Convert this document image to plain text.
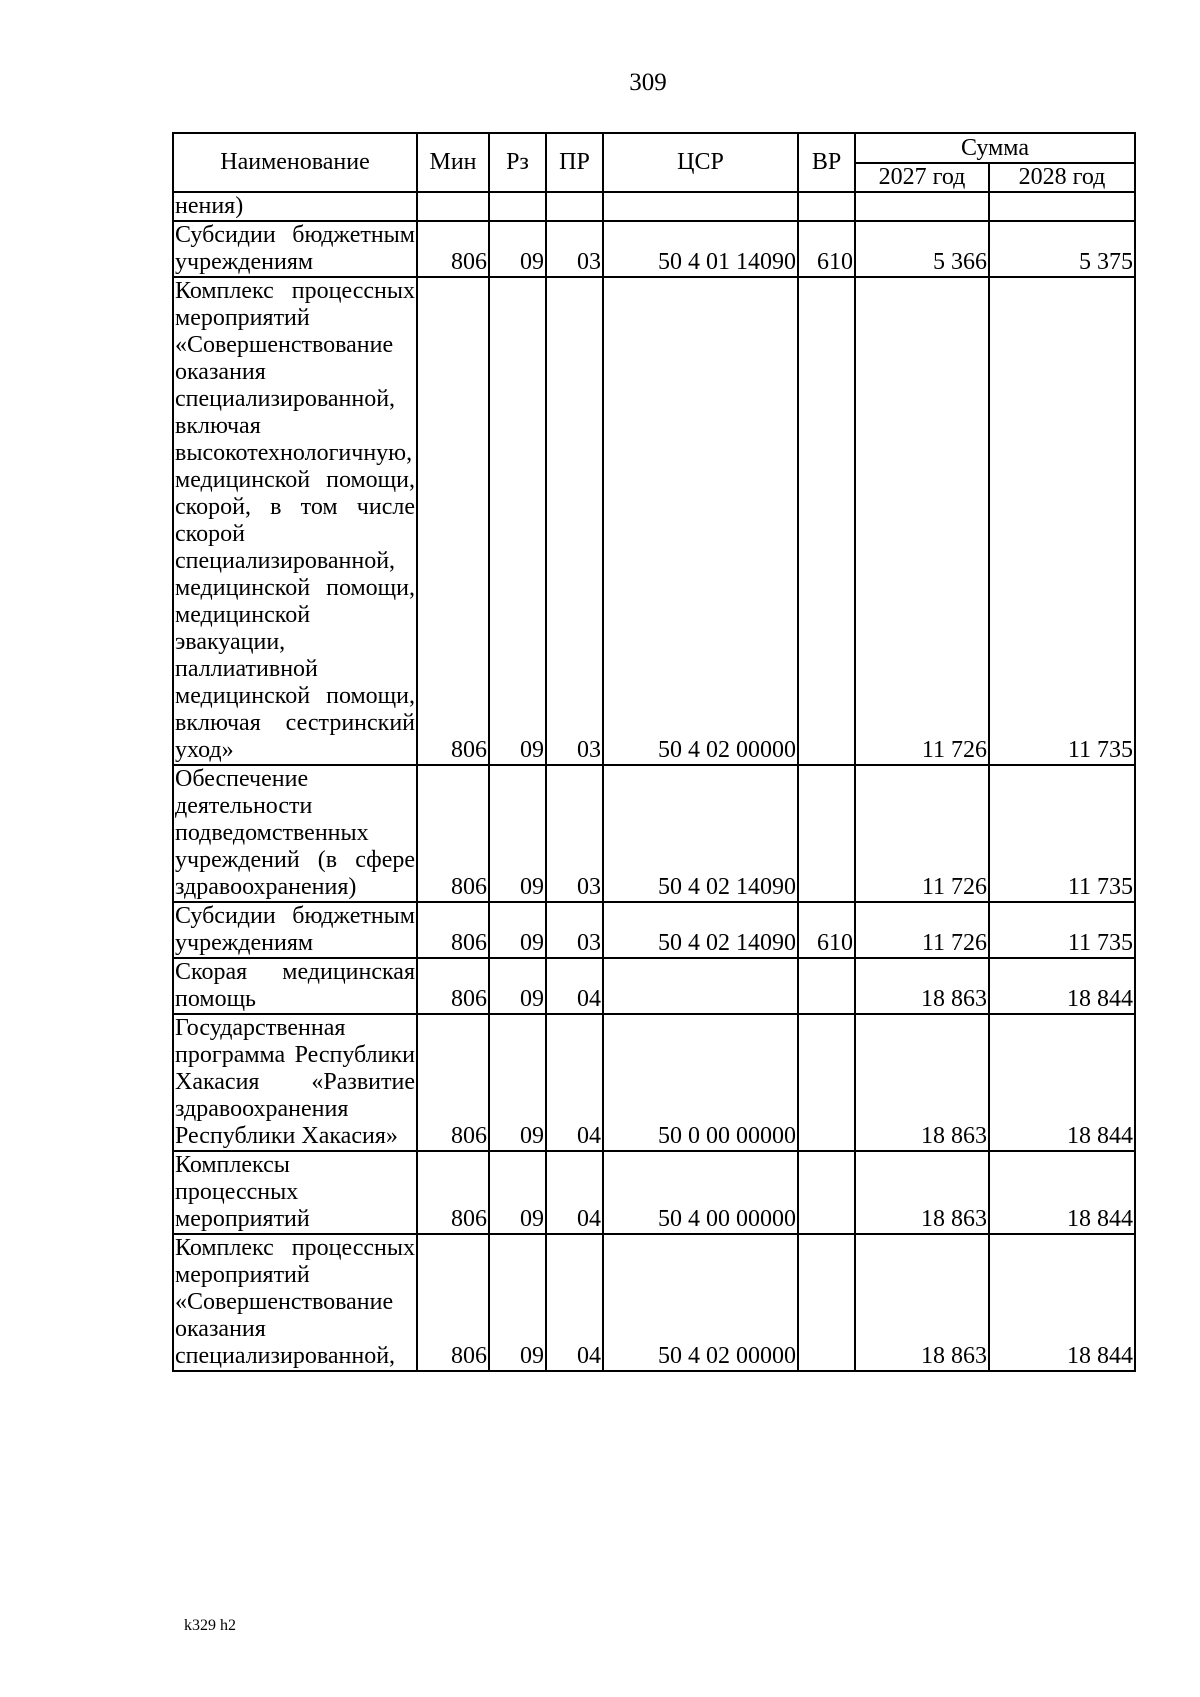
309
Наименование	Мин	Рз	ПР	ЦСР	ВР	Сумма	
						2027 год	2028 год
нения)							
Субсидии бюджетным учреждениям	806	09	03	50 4 01 14090	610	5 366	5 375
Комплекс процессных мероприятий «Совершенствование оказания специализированной, включая высокотехнологичную, медицинской помощи, скорой, в том числе скорой специализированной, медицинской помощи, медицинской эвакуации, паллиативной медицинской помощи, включая сестринский уход»	806	09	03	50 4 02 00000		11 726	11 735
Обеспечение деятельности подведомственных учреждений (в сфере здравоохранения)	806	09	03	50 4 02 14090		11 726	11 735
Субсидии бюджетным учреждениям	806	09	03	50 4 02 14090	610	11 726	11 735
Скорая медицинская помощь	806	09	04			18 863	18 844
Государственная программа Республики Хакасия «Развитие здравоохранения Республики Хакасия»	806	09	04	50 0 00 00000		18 863	18 844
Комплексы процессных мероприятий	806	09	04	50 4 00 00000		18 863	18 844
Комплекс процессных мероприятий «Совершенствование оказания специализированной,	806	09	04	50 4 02 00000		18 863	18 844
k329 h2
